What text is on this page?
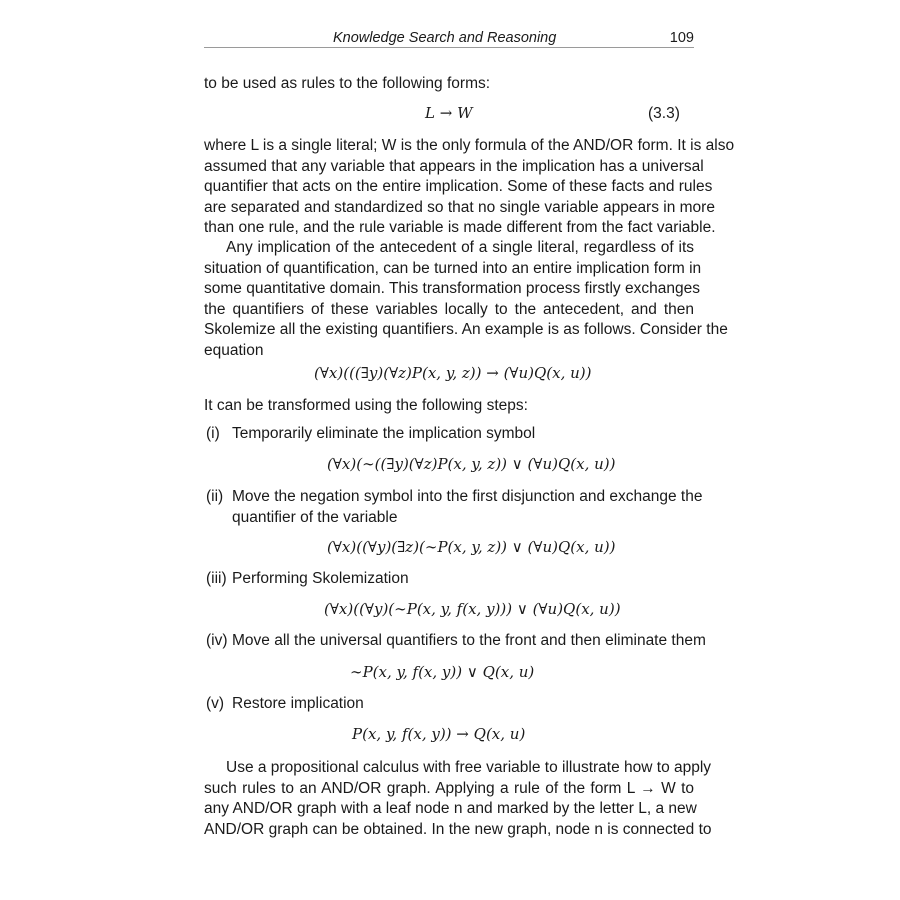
Knowledge Search and Reasoning	109

to be used as rules to the following forms:

L → W	(3.3)

where L is a single literal; W is the only formula of the AND/OR form. It is also
assumed that any variable that appears in the implication has a universal
quantifier that acts on the entire implication. Some of these facts and rules
are separated and standardized so that no single variable appears in more
than one rule, and the rule variable is made different from the fact variable.

Any implication of the antecedent of a single literal, regardless of its
situation of quantification, can be turned into an entire implication form in
some quantitative domain. This transformation process firstly exchanges
the quantifiers of these variables locally to the antecedent, and then
Skolemize all the existing quantifiers. An example is as follows. Consider the
equation

(∀x)(((∃y)(∀z)P(x, y, z)) → (∀u)Q(x, u))

It can be transformed using the following steps:

(i) Temporarily eliminate the implication symbol
(∀x)(∼((∃y)(∀z)P(x, y, z)) ∨ (∀u)Q(x, u))
(ii) Move the negation symbol into the first disjunction and exchange the
quantifier of the variable
(∀x)((∀y)(∃z)(∼P(x, y, z)) ∨ (∀u)Q(x, u))
(iii) Performing Skolemization
(∀x)((∀y)(∼P(x, y, f(x, y))) ∨ (∀u)Q(x, u))
(iv) Move all the universal quantifiers to the front and then eliminate them
∼P(x, y, f(x, y)) ∨ Q(x, u)
(v) Restore implication
P(x, y, f(x, y)) → Q(x, u)

Use a propositional calculus with free variable to illustrate how to apply
such rules to an AND/OR graph. Applying a rule of the form L → W to
any AND/OR graph with a leaf node n and marked by the letter L, a new
AND/OR graph can be obtained. In the new graph, node n is connected to
